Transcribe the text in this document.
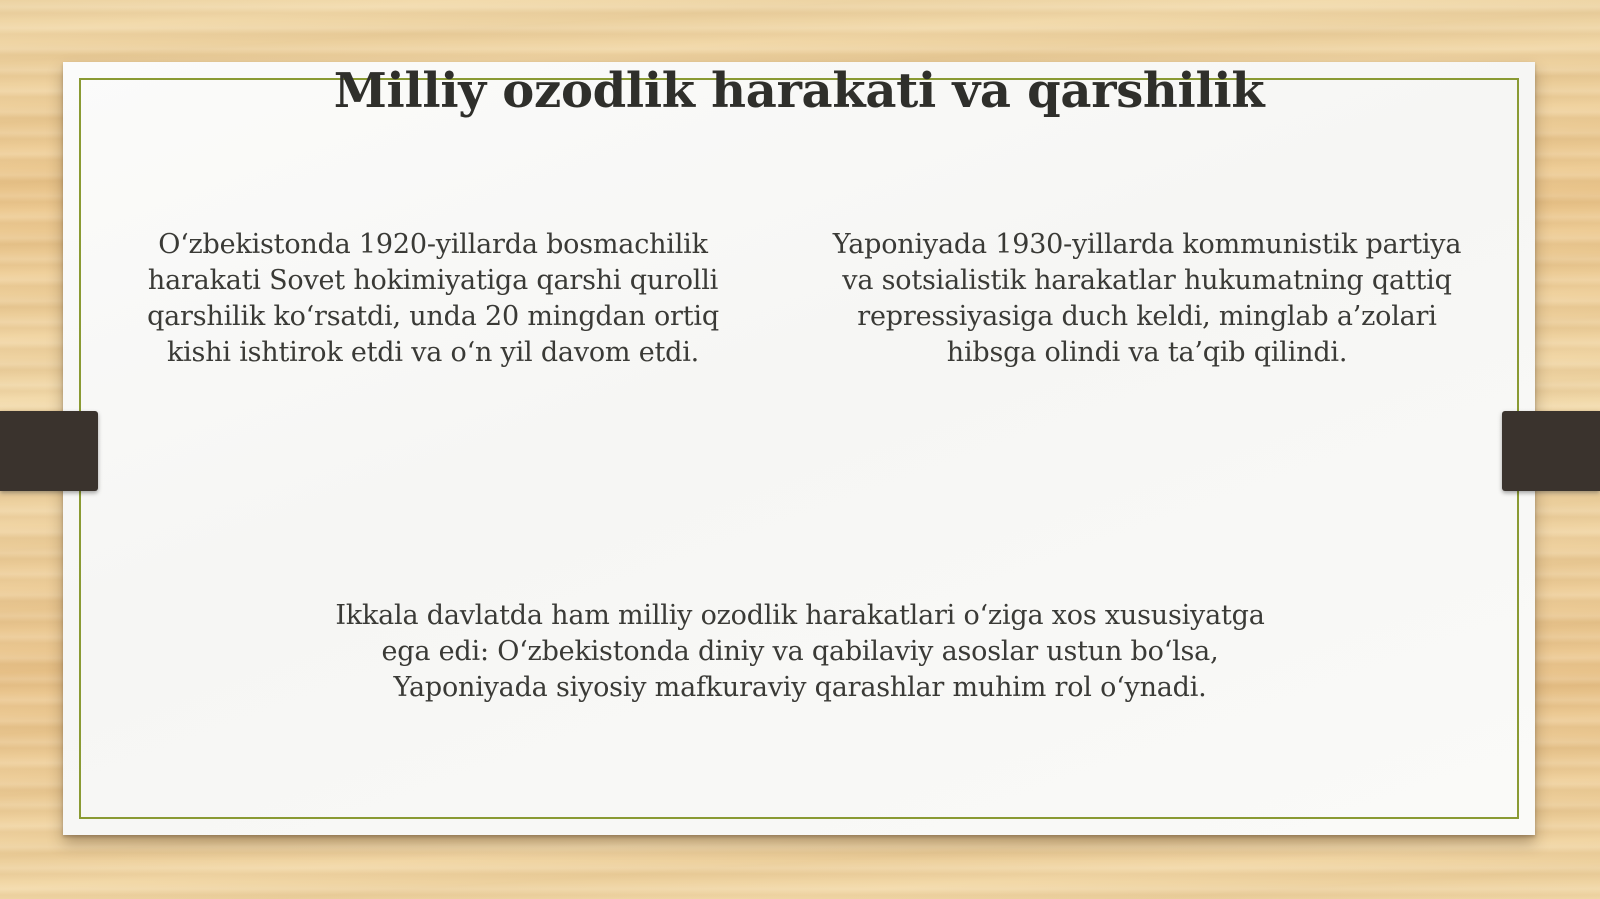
Milliy ozodlik harakati va qarshilik

O‘zbekistonda 1920-yillarda bosmachilik
harakati Sovet hokimiyatiga qarshi qurolli
qarshilik ko‘rsatdi, unda 20 mingdan ortiq
kishi ishtirok etdi va o‘n yil davom etdi.

Yaponiyada 1930-yillarda kommunistik partiya
va sotsialistik harakatlar hukumatning qattiq
repressiyasiga duch keldi, minglab a’zolari
hibsga olindi va ta’qib qilindi.

Ikkala davlatda ham milliy ozodlik harakatlari o‘ziga xos xususiyatga
ega edi: O‘zbekistonda diniy va qabilaviy asoslar ustun bo‘lsa,
Yaponiyada siyosiy mafkuraviy qarashlar muhim rol o‘ynadi.
